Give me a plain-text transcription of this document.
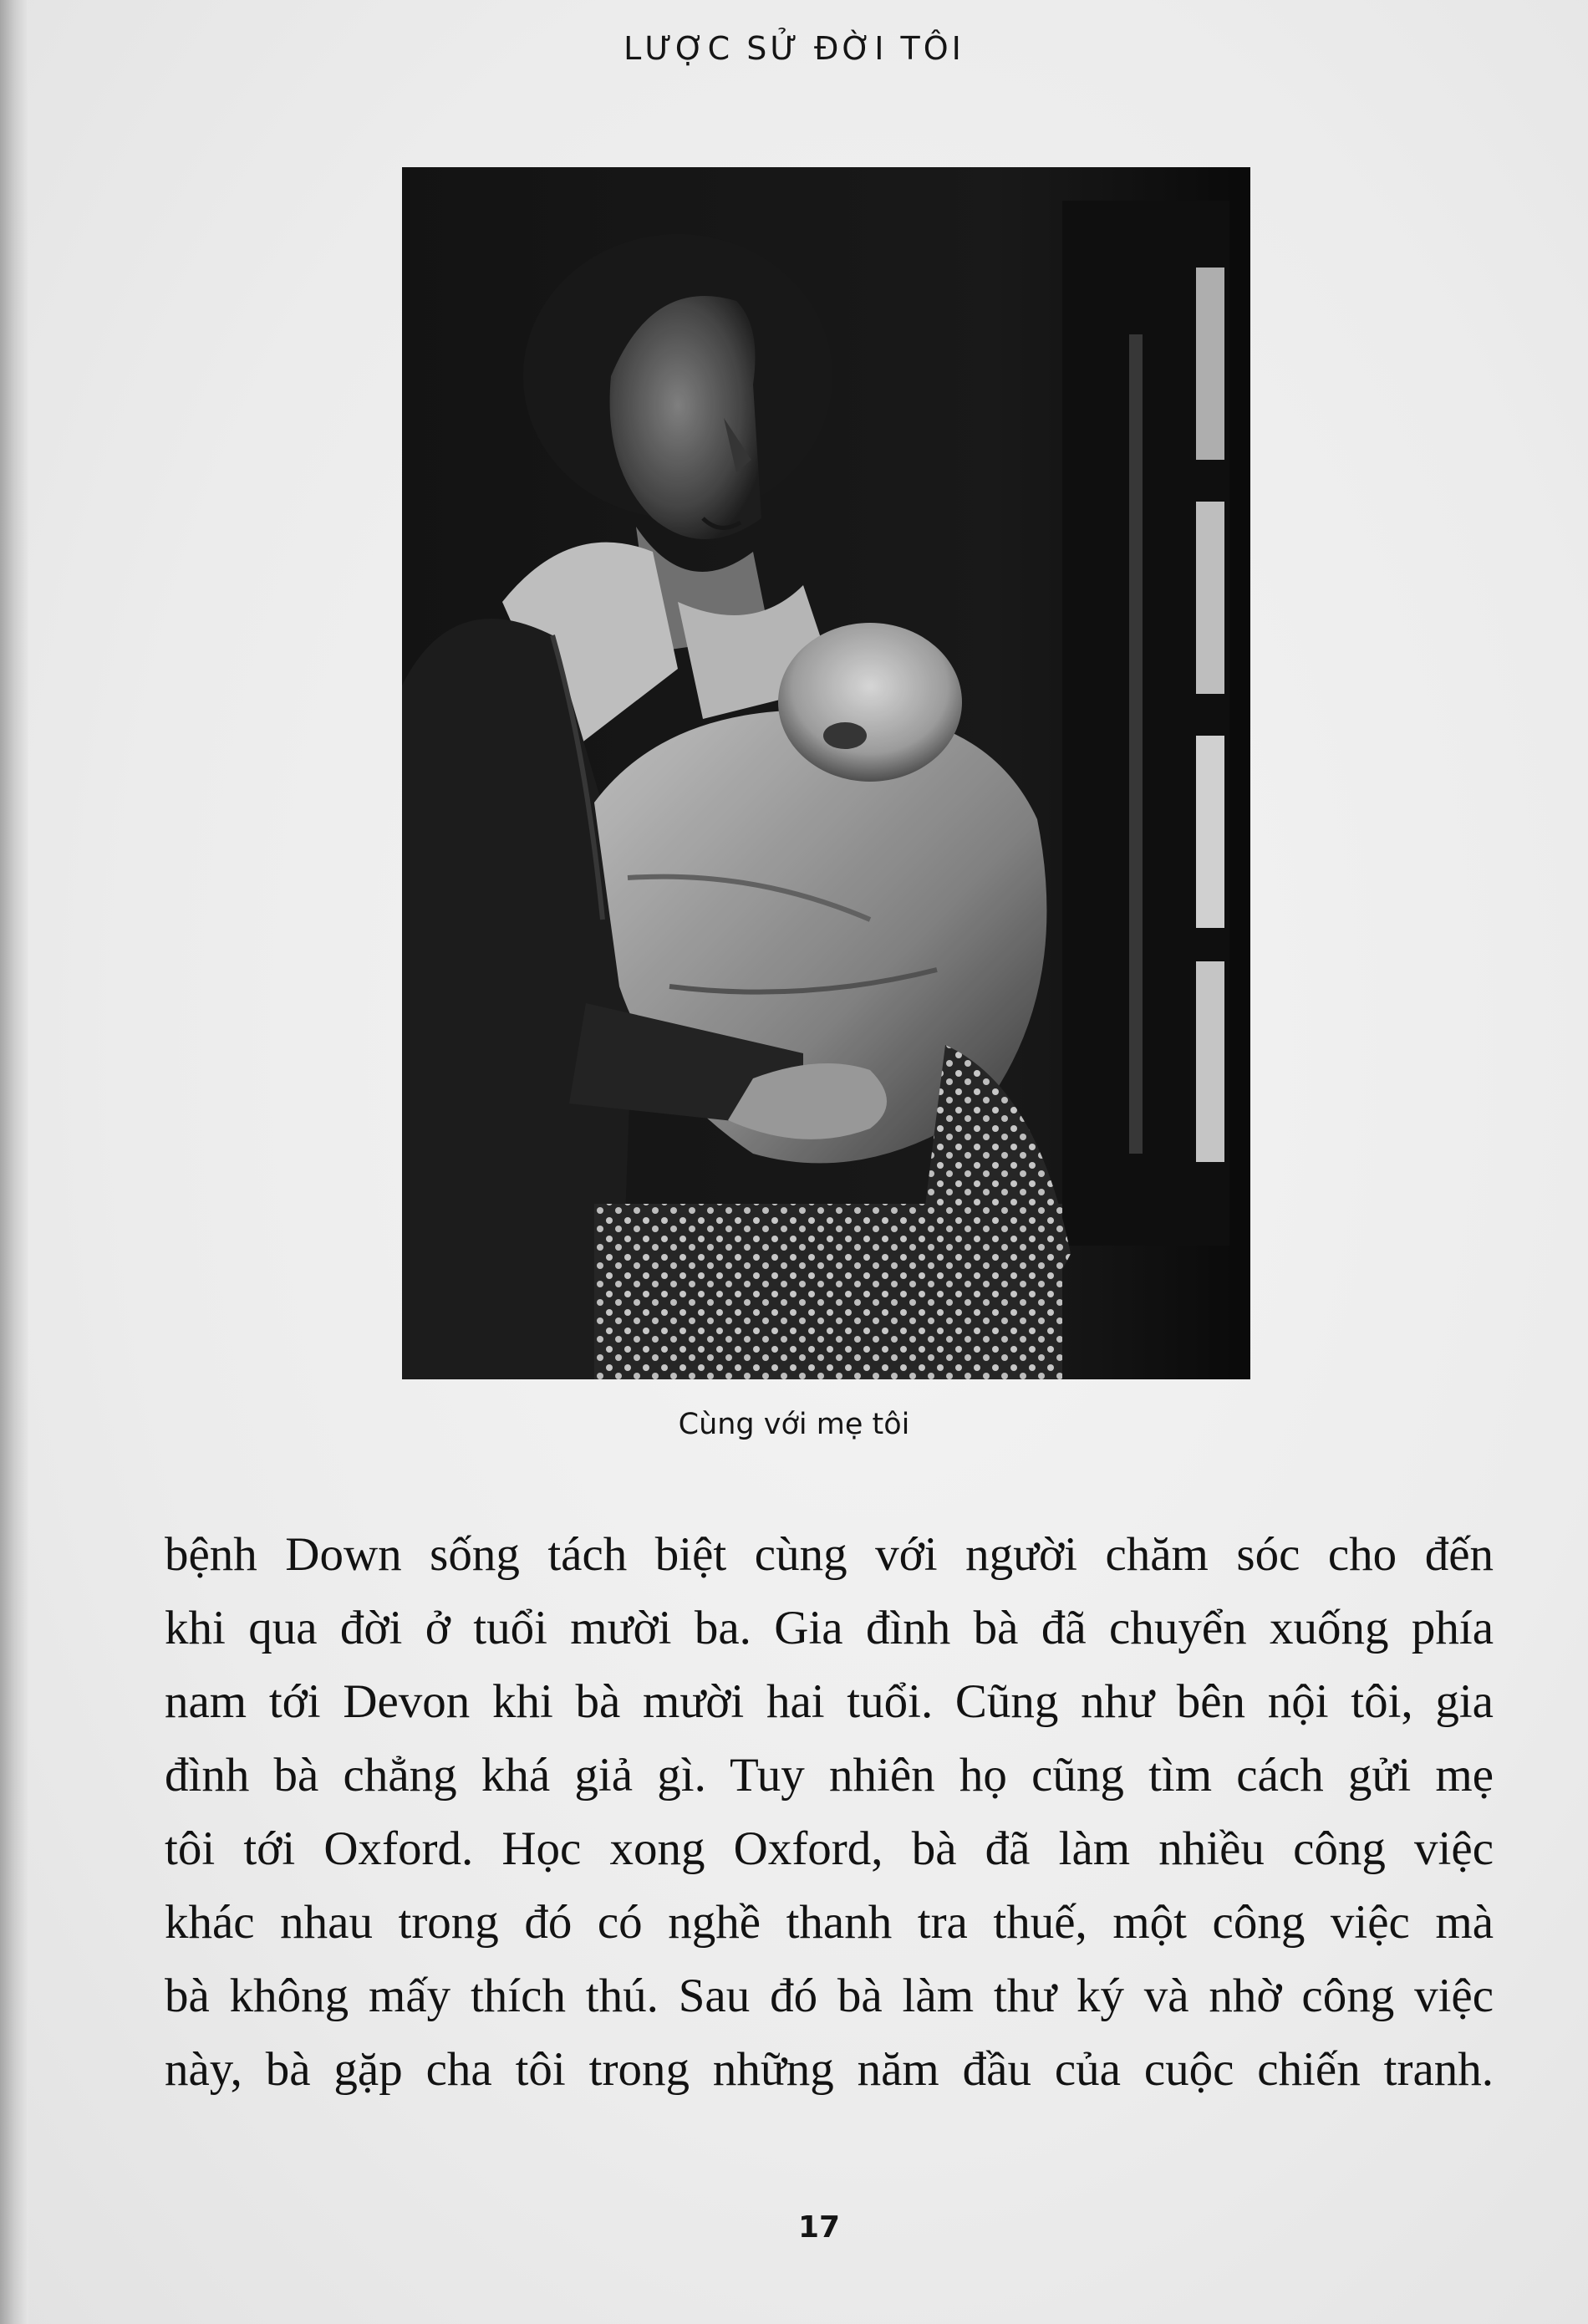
LƯỢC SỬ ĐỜI TÔI
Cùng với mẹ tôi
bệnh Down sống tách biệt cùng với người chăm sóc cho đến
khi qua đời ở tuổi mười ba. Gia đình bà đã chuyển xuống phía
nam tới Devon khi bà mười hai tuổi. Cũng như bên nội tôi, gia
đình bà chẳng khá giả gì. Tuy nhiên họ cũng tìm cách gửi mẹ
tôi tới Oxford. Học xong Oxford, bà đã làm nhiều công việc
khác nhau trong đó có nghề thanh tra thuế, một công việc mà
bà không mấy thích thú. Sau đó bà làm thư ký và nhờ công việc
này, bà gặp cha tôi trong những năm đầu của cuộc chiến tranh.
17
